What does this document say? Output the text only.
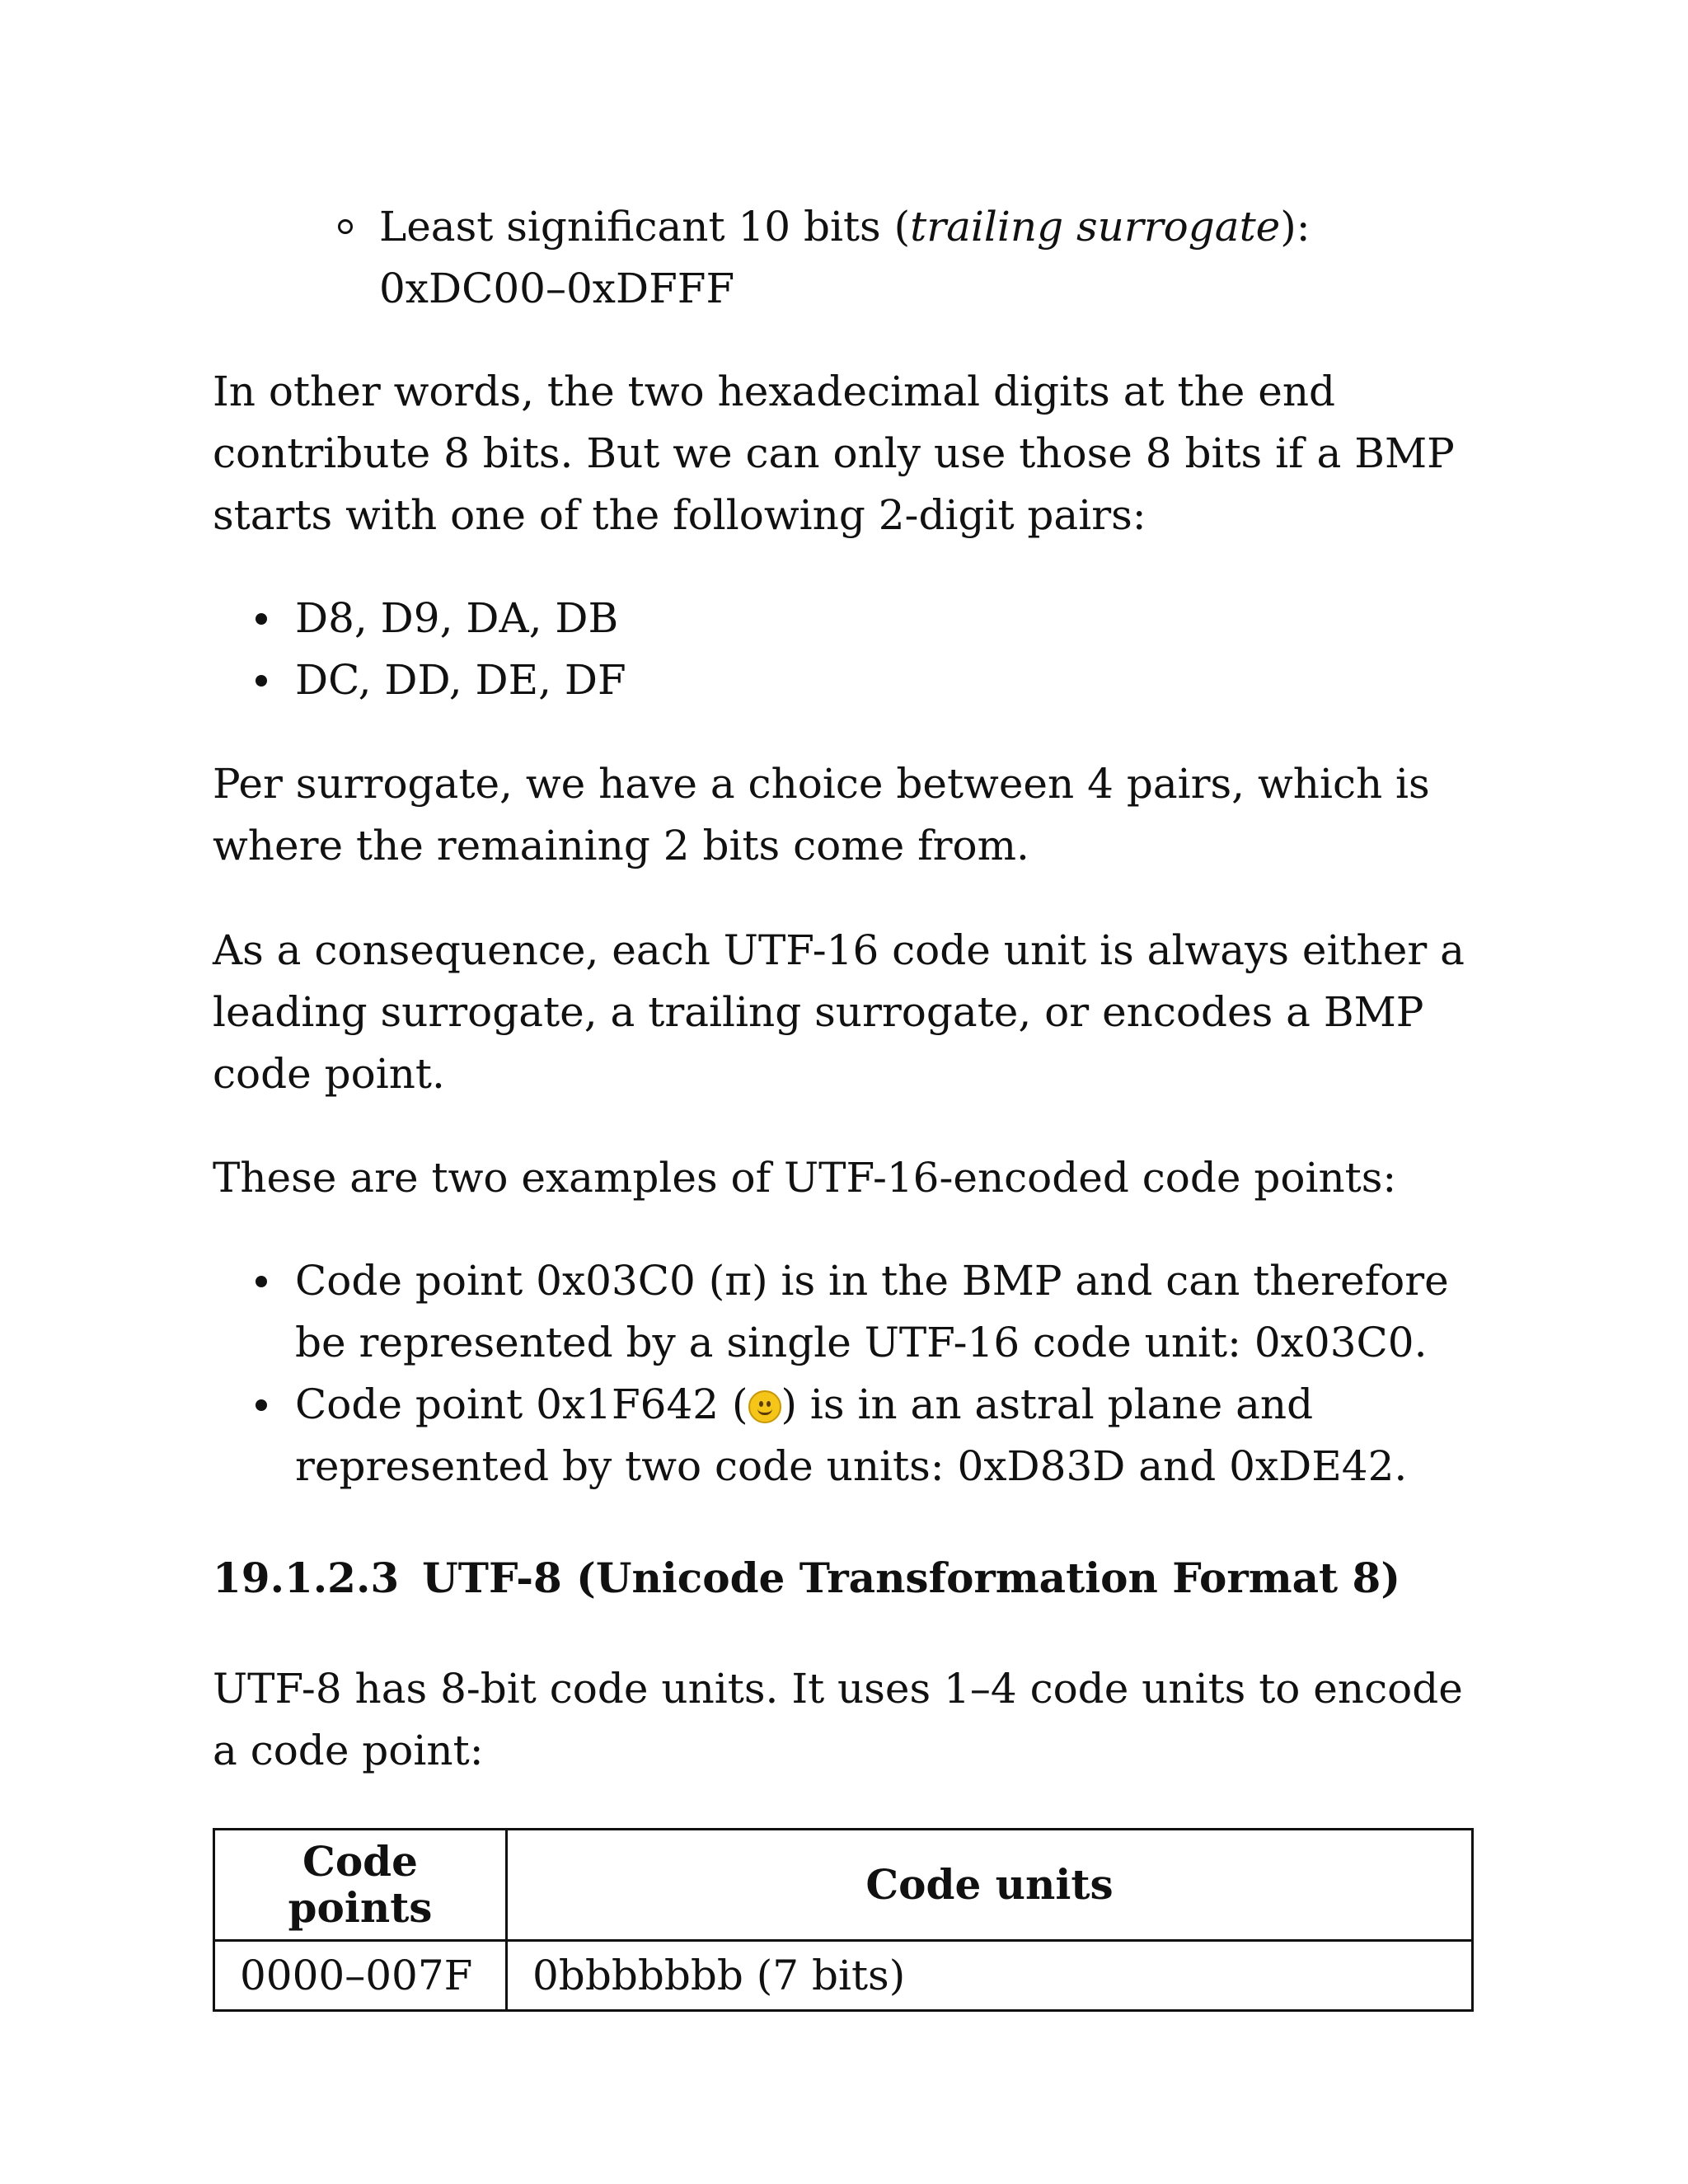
Least significant 10 bits (trailing surrogate): 0xDC00–0xDFFF

In other words, the two hexadecimal digits at the end contribute 8 bits. But we can only use those 8 bits if a BMP starts with one of the following 2-digit pairs:

D8, D9, DA, DB
DC, DD, DE, DF

Per surrogate, we have a choice between 4 pairs, which is where the remaining 2 bits come from.

As a consequence, each UTF-16 code unit is always either a leading surrogate, a trailing surrogate, or encodes a BMP code point.

These are two examples of UTF-16-encoded code points:

Code point 0x03C0 (π) is in the BMP and can therefore be represented by a single UTF-16 code unit: 0x03C0.
Code point 0x1F642 ( ) is in an astral plane and represented by two code units: 0xD83D and 0xDE42.
19.1.2.3 UTF-8 (Unicode Transformation Format 8)

UTF-8 has 8-bit code units. It uses 1–4 code units to encode a code point:

Code points	Code units
0000–007F	0bbbbbbb (7 bits)
